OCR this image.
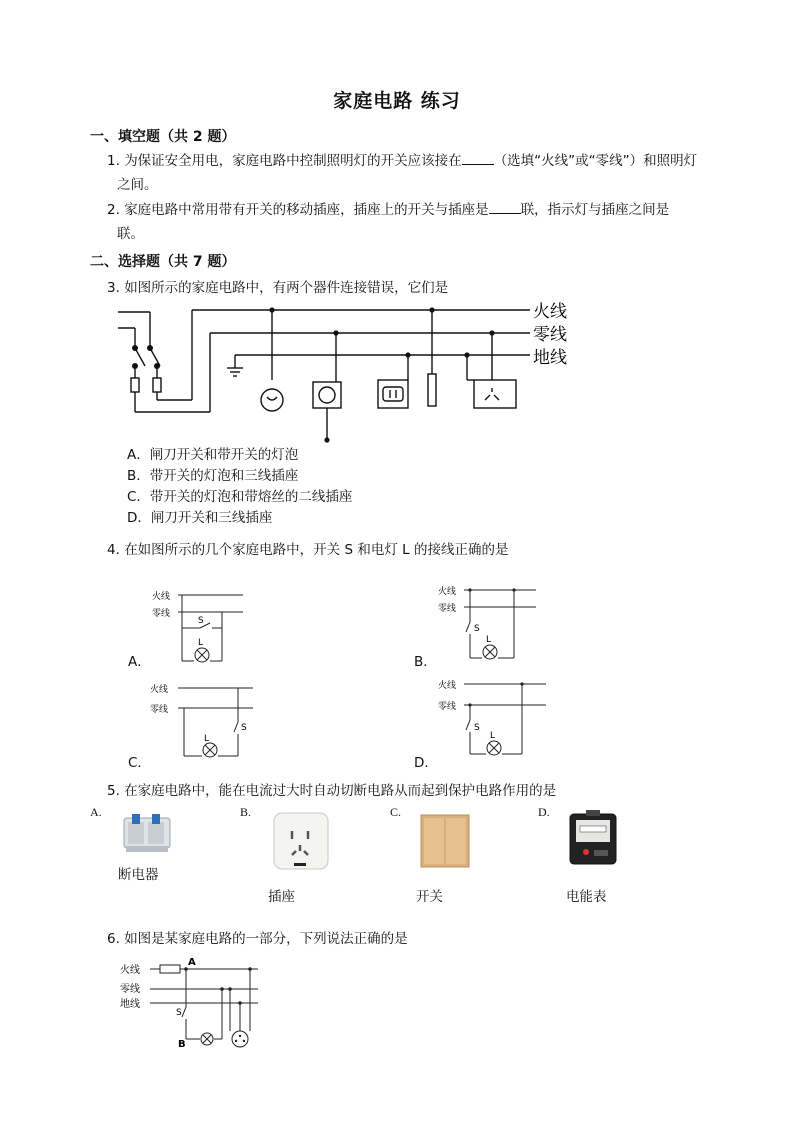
家庭电路 练习
一、填空题（共 2 题）
1. 为保证安全用电，家庭电路中控制照明灯的开关应该接在 （选填“火线”或“零线”）和照明灯
之间。
2. 家庭电路中常用带有开关的移动插座，插座上的开关与插座是 联，指示灯与插座之间是
联。
二、选择题（共 7 题）
3. 如图所示的家庭电路中，有两个器件连接错误，它们是
火线
零线
地线
A．闸刀开关和带开关的灯泡
B．带开关的灯泡和三线插座
C．带开关的灯泡和带熔丝的二线插座
D．闸刀开关和三线插座
4. 在如图所示的几个家庭电路中，开关 S 和电灯 L 的接线正确的是
火线
零线
S
L
A．
火线
零线
S
L
B．
火线
零线
S
L
C．
火线
零线
S
L
D．
5. 在家庭电路中，能在电流过大时自动切断电路从而起到保护电路作用的是
A.	B.	C.	D.
断电器
插座	开关	电能表
6. 如图是某家庭电路的一部分，下列说法正确的是
火线
零线
地线
A
B
S
